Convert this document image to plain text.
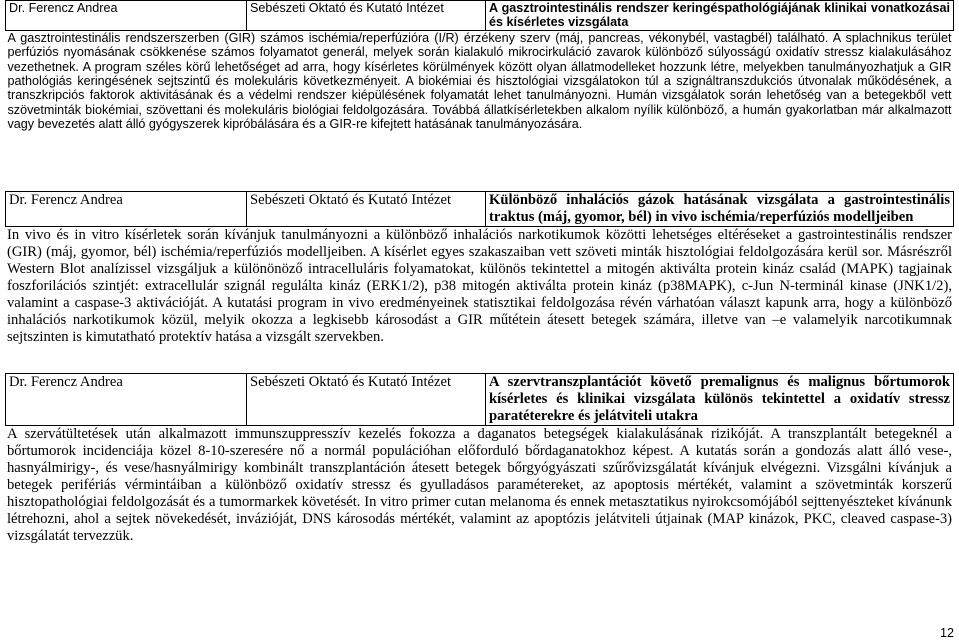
Dr. Ferencz Andrea	Sebészeti Oktató és Kutató Intézet	A gasztrointestinális rendszer keringéspathológiájának klinikai vonatkozásai és kísérletes vizsgálata

A gasztrointestinális rendszerszerben (GIR) számos ischémia/reperfúzióra (I/R) érzékeny szerv (máj, pancreas, vékonybél, vastagbél) található. A splachnikus terület perfúziós nyomásának csökkenése számos folyamatot generál, melyek során kialakuló mikrocirkuláció zavarok különböző súlyosságú oxidatív stressz kialakulásához vezethetnek. A program széles körű lehetőséget ad arra, hogy kísérletes körülmények között olyan állatmodelleket hozzunk létre, melyekben tanulmányozhatjuk a GIR pathológiás keringésének sejtszintű és molekuláris következményeit. A biokémiai és hisztológiai vizsgálatokon túl a szignáltranszdukciós útvonalak működésének, a transzkripciós faktorok aktivitásának és a védelmi rendszer kiépülésének folyamatát lehet tanulmányozni. Humán vizsgálatok során lehetőség van a betegekből vett szövetminták biokémiai, szövettani és molekuláris biológiai feldolgozására. Továbbá állatkísérletekben alkalom nyílik különböző, a humán gyakorlatban már alkalmazott vagy bevezetés alatt álló gyógyszerek kipróbálására és a GIR-re kifejtett hatásának tanulmányozására.
Dr. Ferencz Andrea	Sebészeti Oktató és Kutató Intézet	Különböző inhalációs gázok hatásának vizsgálata a gastrointestinális traktus (máj, gyomor, bél) in vivo ischémia/reperfúziós modelljeiben
In vivo és in vitro kísérletek során kívánjuk tanulmányozni a különböző inhalációs narkotikumok közötti lehetséges eltéréseket a gastrointestinális rendszer (GIR) (máj, gyomor, bél) ischémia/reperfúziós modelljeiben. A kísérlet egyes szakaszaiban vett szöveti minták hisztológiai feldolgozására kerül sor. Másrészről Western Blot analízissel vizsgáljuk a különönöző intracelluláris folyamatokat, különös tekintettel a mitogén aktiválta protein kináz család (MAPK) tagjainak foszforilációs szintjét: extracellulár szignál regulálta kináz (ERK1/2), p38 mitogén aktiválta protein kináz (p38MAPK), c-Jun N-terminál kinase (JNK1/2), valamint a caspase-3 aktivációját. A kutatási program in vivo eredményeinek statisztikai feldolgozása révén várhatóan választ kapunk arra, hogy a különböző inhalációs narkotikumok közül, melyik okozza a legkisebb károsodást a GIR műtétein átesett betegek számára, illetve van –e valamelyik narcotikumnak sejtszinten is kimutatható protektív hatása a vizsgált szervekben.
Dr. Ferencz Andrea	Sebészeti Oktató és Kutató Intézet	A szervtranszplantációt követő premalignus és malignus bőrtumorok kísérletes és klinikai vizsgálata különös tekintettel a oxidatív stressz paratéterekre és jelátviteli utakra
A szervátültetések után alkalmazott immunszuppresszív kezelés fokozza a daganatos betegségek kialakulásának rizikóját. A transzplantált betegeknél a bőrtumorok incidenciája közel 8-10-szeresére nő a normál populációhan előforduló bőrdaganatokhoz képest. A kutatás során a gondozás alatt álló vese-, hasnyálmirigy-, és vese/hasnyálmirigy kombinált transzplantáción átesett betegek bőrgyógyászati szűrővizsgálatát kívánjuk elvégezni. Vizsgálni kívánjuk a betegek perifériás vérmintáiban a különböző oxidatív stressz és gyulladásos paramétereket, az apoptosis mértékét, valamint a szövetminták korszerű hisztopathológiai feldolgozását és a tumormarkek követését. In vitro primer cutan melanoma és ennek metasztatikus nyirokcsomójából sejttenyészteket kívánunk létrehozni, ahol a sejtek növekedését, invázióját, DNS károsodás mértékét, valamint az apoptózis jelátviteli útjainak (MAP kinázok, PKC, cleaved caspase-3) vizsgálatát tervezzük.
12
